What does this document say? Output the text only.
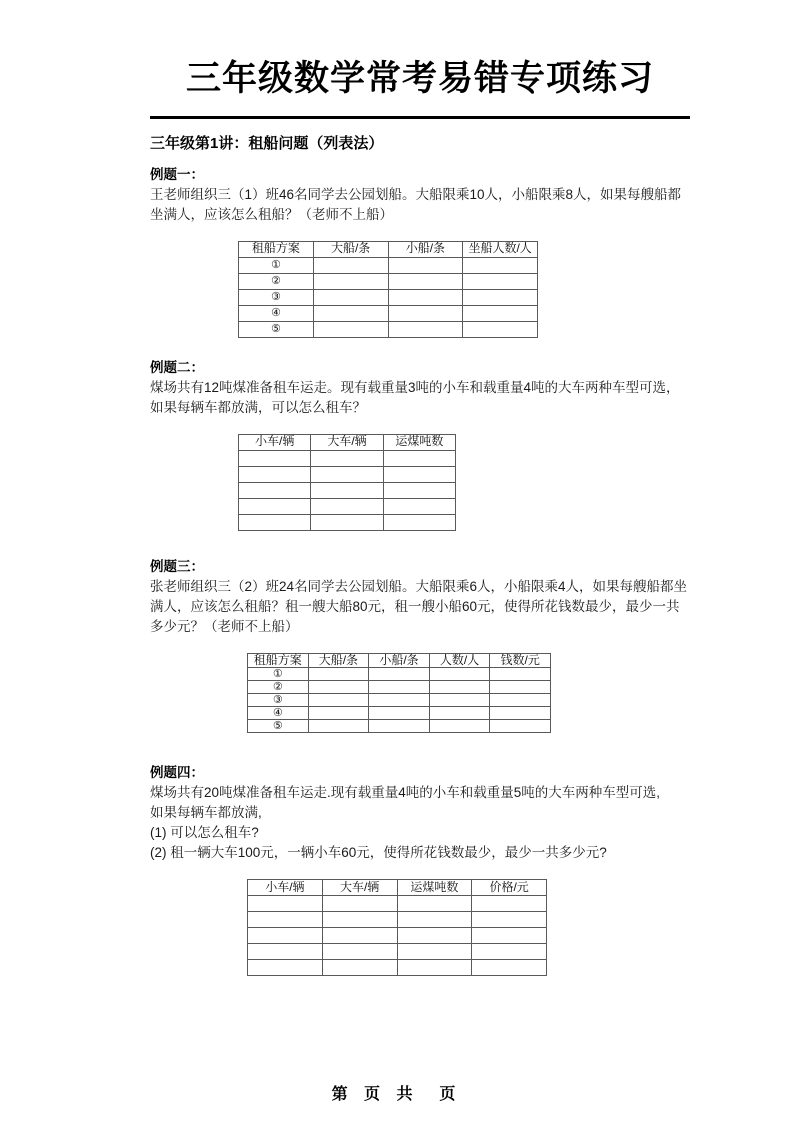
三年级数学常考易错专项练习
三年级第1讲：租船问题（列表法）
例题一：
王老师组织三（1）班46名同学去公园划船。大船限乘10人，小船限乘8人，如果每艘船都坐满人，应该怎么租船？（老师不上船）
租船方案	大船/条	小船/条	坐船人数/人
①			
②			
③			
④			
⑤			
例题二：
煤场共有12吨煤准备租车运走。现有载重量3吨的小车和载重量4吨的大车两种车型可选，如果每辆车都放满，可以怎么租车？
小车/辆	大车/辆	运煤吨数

例题三：
张老师组织三（2）班24名同学去公园划船。大船限乘6人，小船限乘4人，如果每艘船都坐满人，应该怎么租船？租一艘大船80元，租一艘小船60元，使得所花钱数最少，最少一共多少元？（老师不上船）
租船方案	大船/条	小船/条	人数/人	钱数/元
①				
②				
③				
④				
⑤				
例题四：
煤场共有20吨煤准备租车运走.现有载重量4吨的小车和载重量5吨的大车两种车型可选,
如果每辆车都放满,
(1) 可以怎么租车?
(2) 租一辆大车100元，一辆小车60元，使得所花钱数最少，最少一共多少元?
小车/辆	大车/辆	运煤吨数	价格/元

第 页 共  页
